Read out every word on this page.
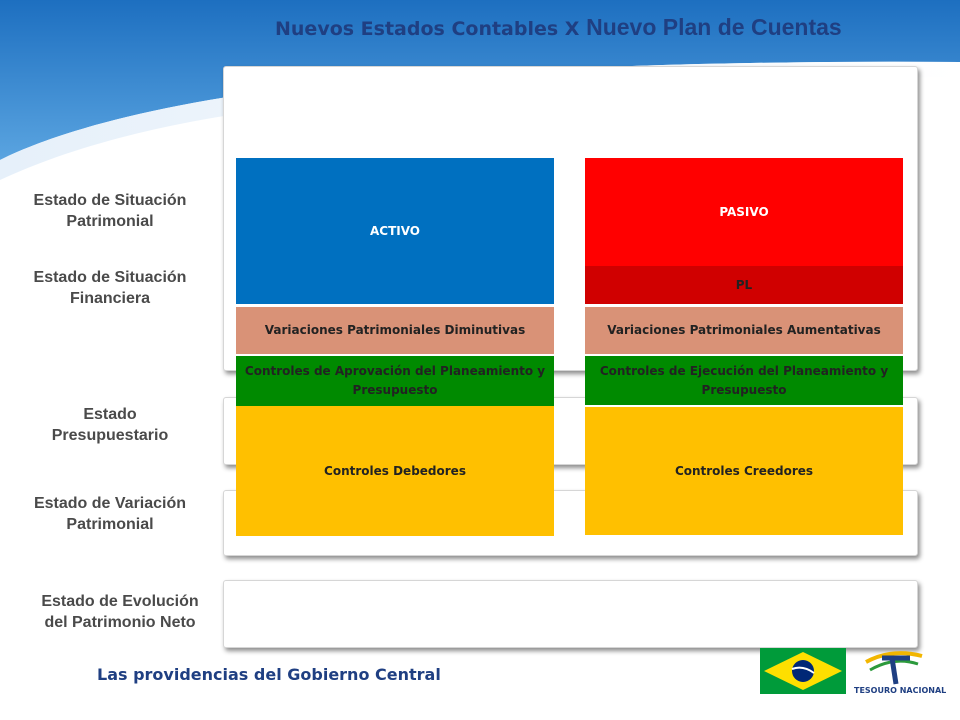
Nuevos Estados Contables X Nuevo Plan de Cuentas
Estado de Situación Patrimonial
Estado de Situación Financiera
Estado Presupuestario
Estado de Variación Patrimonial
Estado de Evolución del Patrimonio Neto
ACTIVO
Variaciones Patrimoniales Diminutivas
Controles de Aprovación del Planeamiento y Presupuesto
Controles Debedores
PASIVO
PL
Variaciones Patrimoniales Aumentativas
Controles de Ejecución del Planeamiento y Presupuesto
Controles Creedores
Las providencias del Gobierno Central
TESOURO NACIONAL
